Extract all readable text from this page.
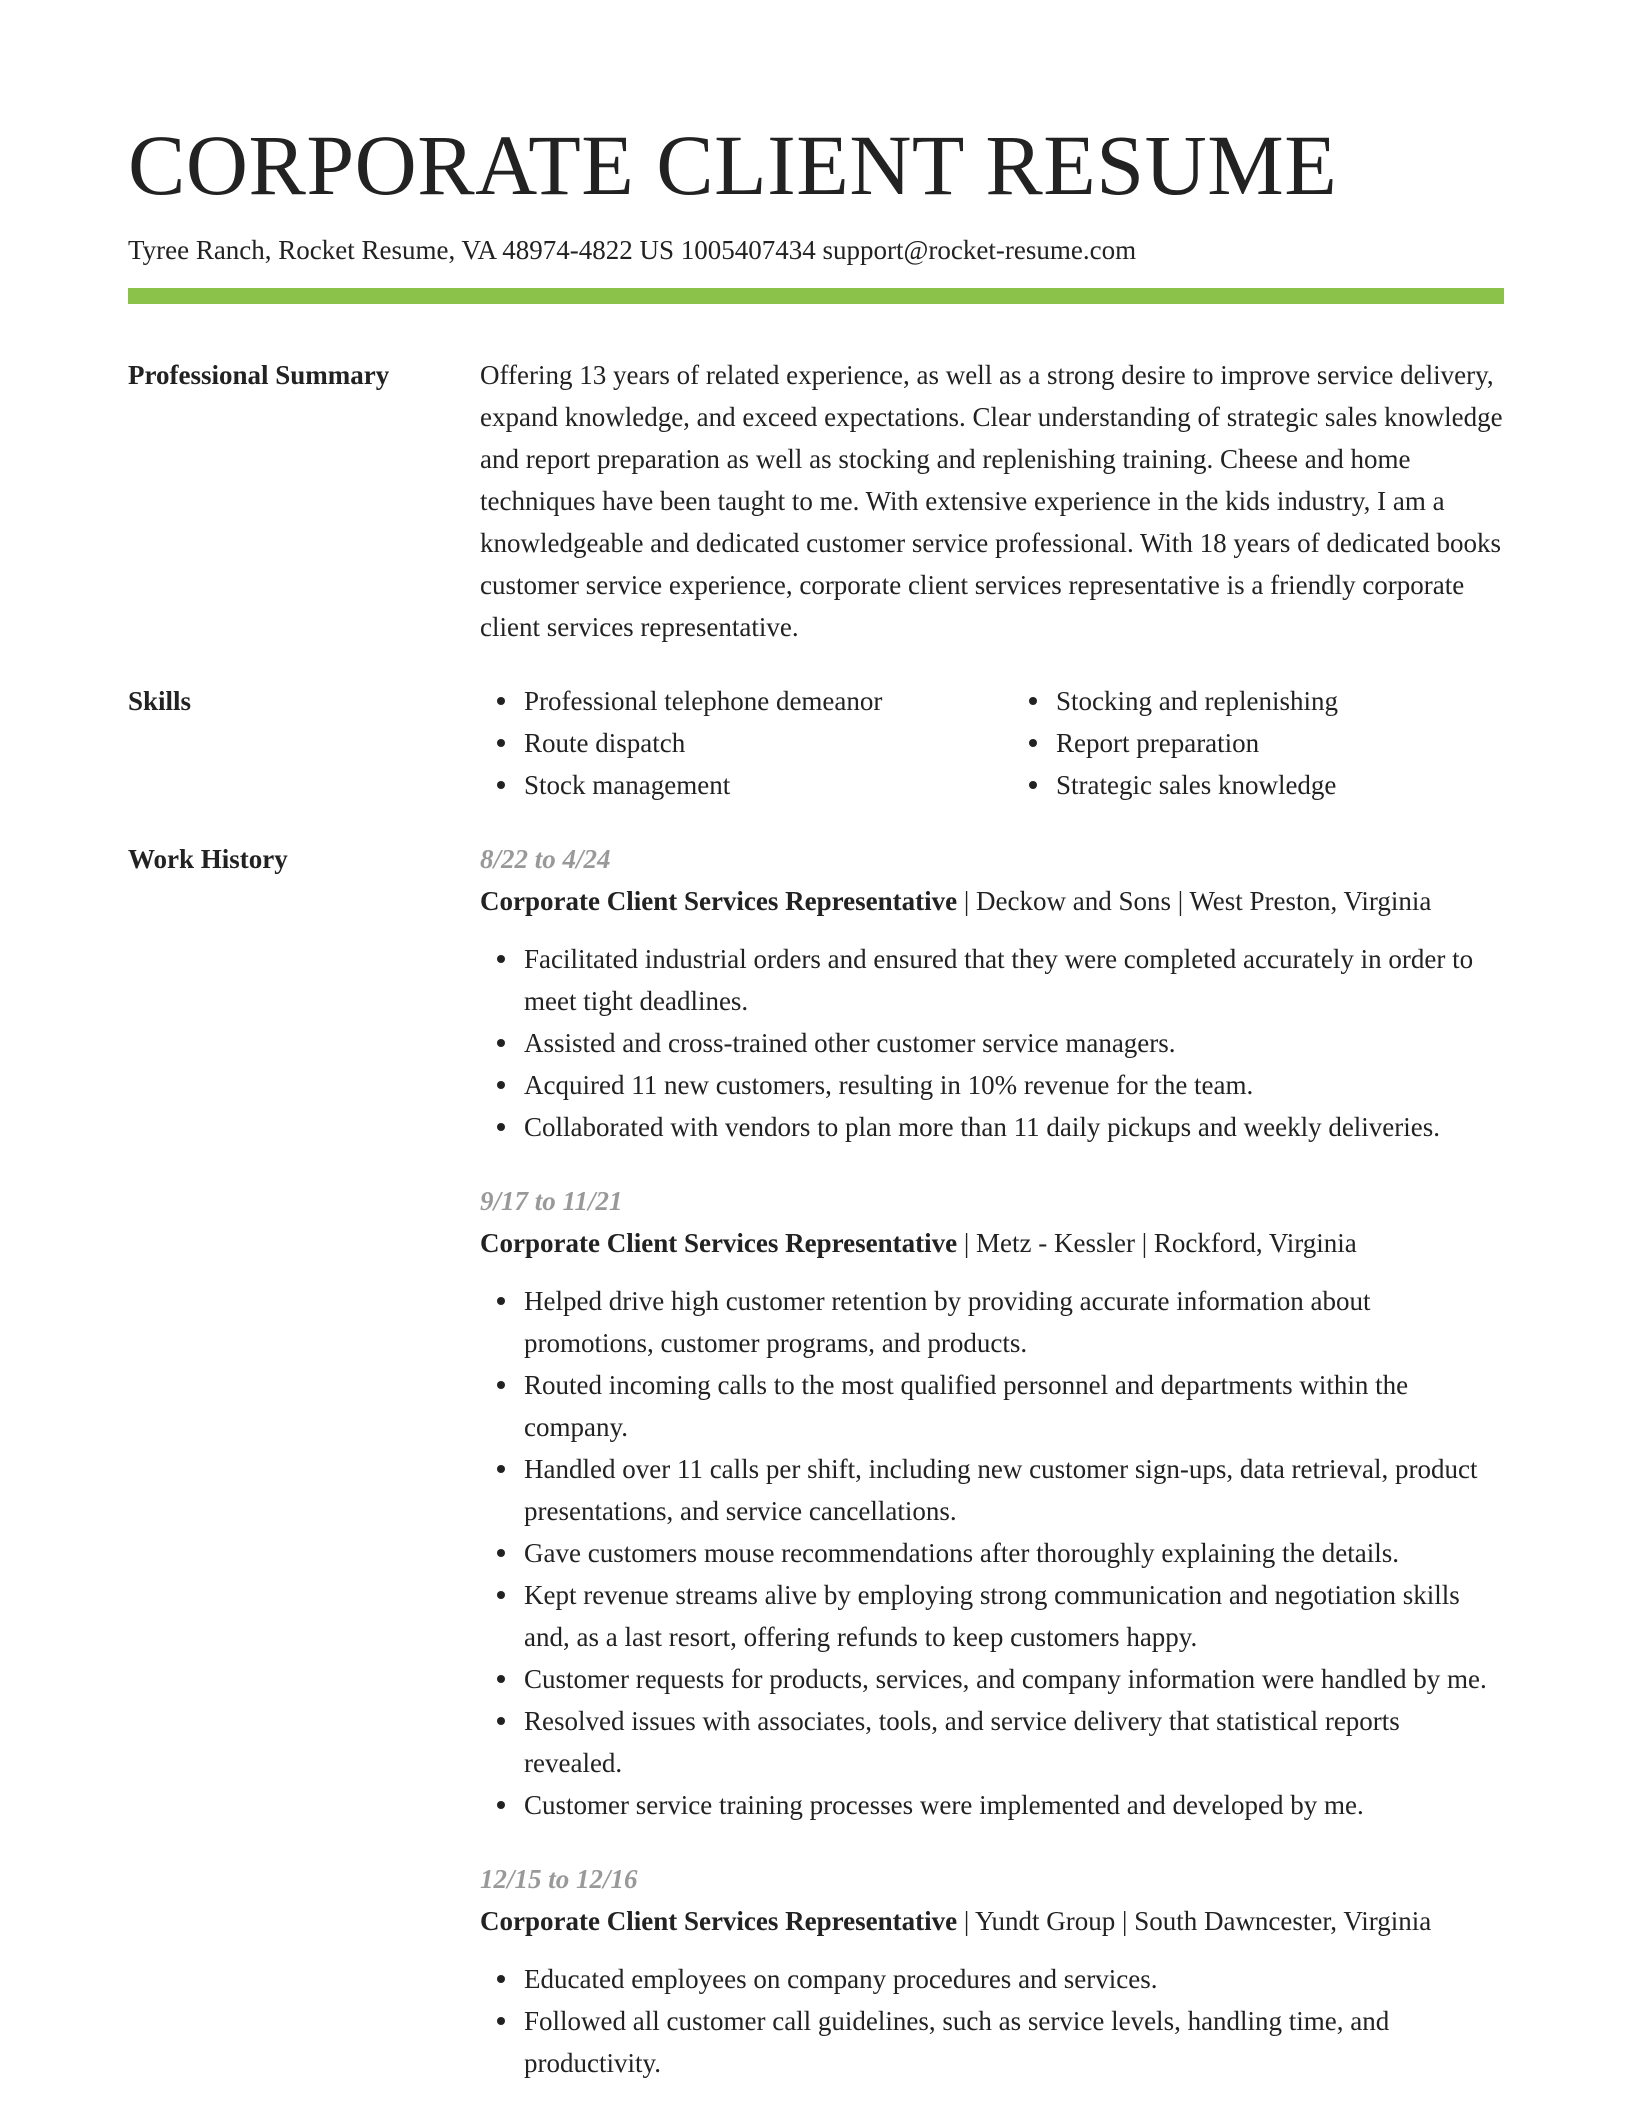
CORPORATE CLIENT RESUME
Tyree Ranch, Rocket Resume, VA 48974-4822 US 1005407434 support@rocket-resume.com
Professional Summary	Offering 13 years of related experience, as well as a strong desire to improve service delivery, expand knowledge, and exceed expectations. Clear understanding of strategic sales knowledge and report preparation as well as stocking and replenishing training. Cheese and home techniques have been taught to me. With extensive experience in the kids industry, I am a knowledgeable and dedicated customer service professional. With 18 years of dedicated books customer service experience, corporate client services representative is a friendly corporate client services representative.
Skills	Professional telephone demeanor
Route dispatch
Stock management
Stocking and replenishing
Report preparation
Strategic sales knowledge
Work History	8/22 to 4/24
Corporate Client Services Representative | Deckow and Sons | West Preston, Virginia
Facilitated industrial orders and ensured that they were completed accurately in order to meet tight deadlines.
Assisted and cross-trained other customer service managers.
Acquired 11 new customers, resulting in 10% revenue for the team.
Collaborated with vendors to plan more than 11 daily pickups and weekly deliveries.
9/17 to 11/21
Corporate Client Services Representative | Metz - Kessler | Rockford, Virginia
Helped drive high customer retention by providing accurate information about promotions, customer programs, and products.
Routed incoming calls to the most qualified personnel and departments within the company.
Handled over 11 calls per shift, including new customer sign-ups, data retrieval, product presentations, and service cancellations.
Gave customers mouse recommendations after thoroughly explaining the details.
Kept revenue streams alive by employing strong communication and negotiation skills and, as a last resort, offering refunds to keep customers happy.
Customer requests for products, services, and company information were handled by me.
Resolved issues with associates, tools, and service delivery that statistical reports revealed.
Customer service training processes were implemented and developed by me.
12/15 to 12/16
Corporate Client Services Representative | Yundt Group | South Dawncester, Virginia
Educated employees on company procedures and services.
Followed all customer call guidelines, such as service levels, handling time, and productivity.
